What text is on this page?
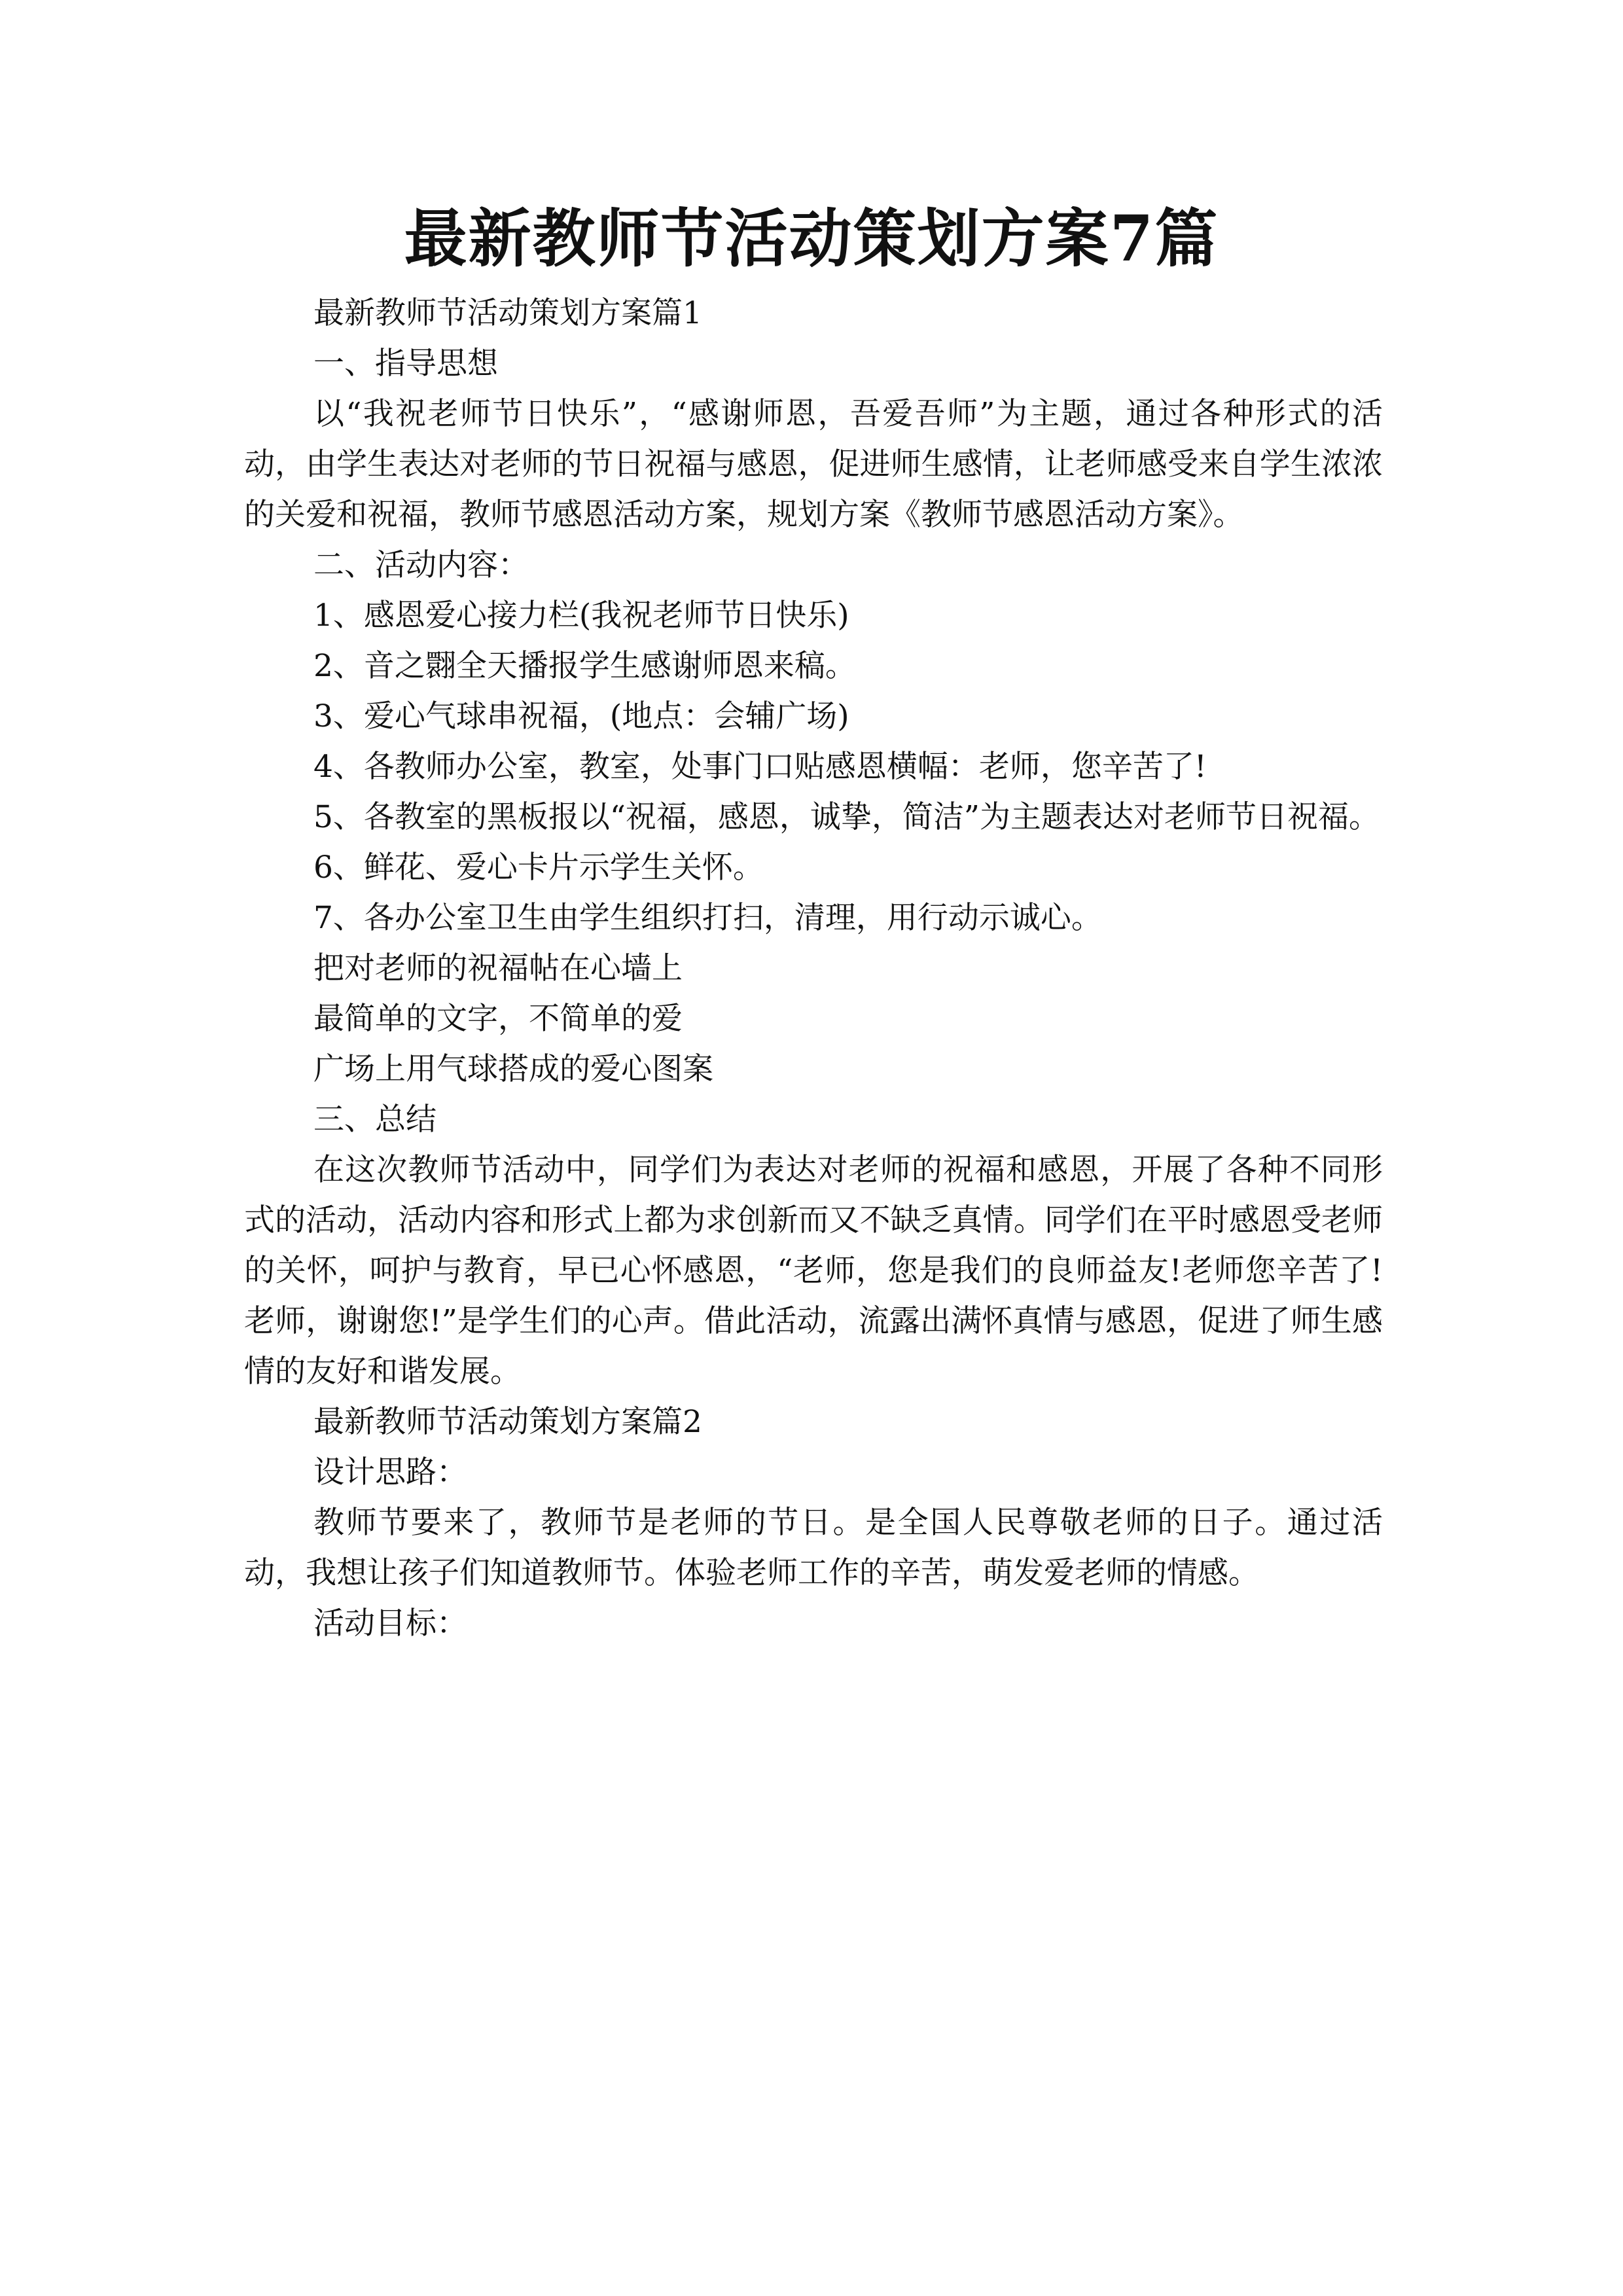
最新教师节活动策划方案7篇

最新教师节活动策划方案篇1

一、指导思想

以“我祝老师节日快乐”，“感谢师恩，吾爱吾师”为主题，通过各种形式的活动，由学生表达对老师的节日祝福与感恩，促进师生感情，让老师感受来自学生浓浓的关爱和祝福，教师节感恩活动方案，规划方案《教师节感恩活动方案》。

二、活动内容：

1、感恩爱心接力栏(我祝老师节日快乐)

2、音之翾全天播报学生感谢师恩来稿。

3、爱心气球串祝福，(地点：会辅广场)

4、各教师办公室，教室，处事门口贴感恩横幅：老师，您辛苦了!

5、各教室的黑板报以“祝福，感恩，诚挚，简洁”为主题表达对老师节日祝福。

6、鲜花、爱心卡片示学生关怀。

7、各办公室卫生由学生组织打扫，清理，用行动示诚心。

把对老师的祝福帖在心墙上

最简单的文字，不简单的爱

广场上用气球搭成的爱心图案

三、总结

在这次教师节活动中，同学们为表达对老师的祝福和感恩，开展了各种不同形式的活动，活动内容和形式上都为求创新而又不缺乏真情。同学们在平时感恩受老师的关怀，呵护与教育，早已心怀感恩，“老师，您是我们的良师益友!老师您辛苦了!老师，谢谢您!”是学生们的心声。借此活动，流露出满怀真情与感恩，促进了师生感情的友好和谐发展。

最新教师节活动策划方案篇2

设计思路：

教师节要来了，教师节是老师的节日。是全国人民尊敬老师的日子。通过活动，我想让孩子们知道教师节。体验老师工作的辛苦，萌发爱老师的情感。

活动目标：
